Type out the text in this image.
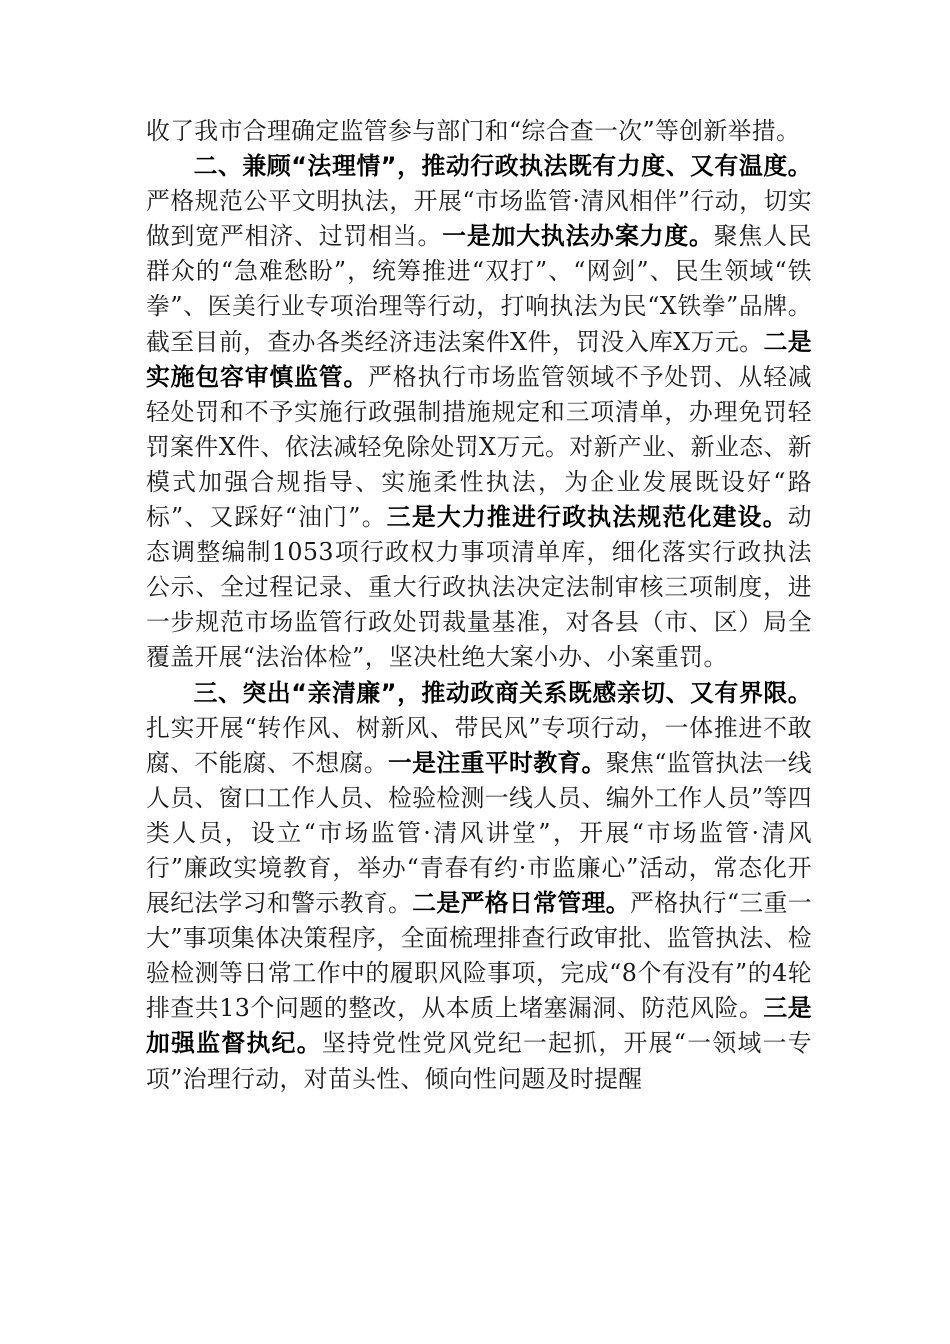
收了我市合理确定监管参与部门和“综合查一次”等创新举措。

二、兼顾“法理情”，推动行政执法既有力度、又有温度。严格规范公平文明执法，开展“市场监管·清风相伴”行动，切实做到宽严相济、过罚相当。一是加大执法办案力度。聚焦人民群众的“急难愁盼”，统筹推进“双打”、“网剑”、民生领域“铁拳”、医美行业专项治理等行动，打响执法为民“X铁拳”品牌。截至目前，查办各类经济违法案件X件，罚没入库X万元。二是实施包容审慎监管。严格执行市场监管领域不予处罚、从轻减轻处罚和不予实施行政强制措施规定和三项清单，办理免罚轻罚案件X件、依法减轻免除处罚X万元。对新产业、新业态、新模式加强合规指导、实施柔性执法，为企业发展既设好“路标”、又踩好“油门”。三是大力推进行政执法规范化建设。动态调整编制1053项行政权力事项清单库，细化落实行政执法公示、全过程记录、重大行政执法决定法制审核三项制度，进一步规范市场监管行政处罚裁量基准，对各县（市、区）局全覆盖开展“法治体检”，坚决杜绝大案小办、小案重罚。

三、突出“亲清廉”，推动政商关系既感亲切、又有界限。扎实开展“转作风、树新风、带民风”专项行动，一体推进不敢腐、不能腐、不想腐。一是注重平时教育。聚焦“监管执法一线人员、窗口工作人员、检验检测一线人员、编外工作人员”等四类人员，设立“市场监管·清风讲堂”，开展“市场监管·清风行”廉政实境教育，举办“青春有约·市监廉心”活动，常态化开展纪法学习和警示教育。二是严格日常管理。严格执行“三重一大”事项集体决策程序，全面梳理排查行政审批、监管执法、检验检测等日常工作中的履职风险事项，完成“8个有没有”的4轮排查共13个问题的整改，从本质上堵塞漏洞、防范风险。三是加强监督执纪。坚持党性党风党纪一起抓，开展“一领域一专项”治理行动，对苗头性、倾向性问题及时提醒
